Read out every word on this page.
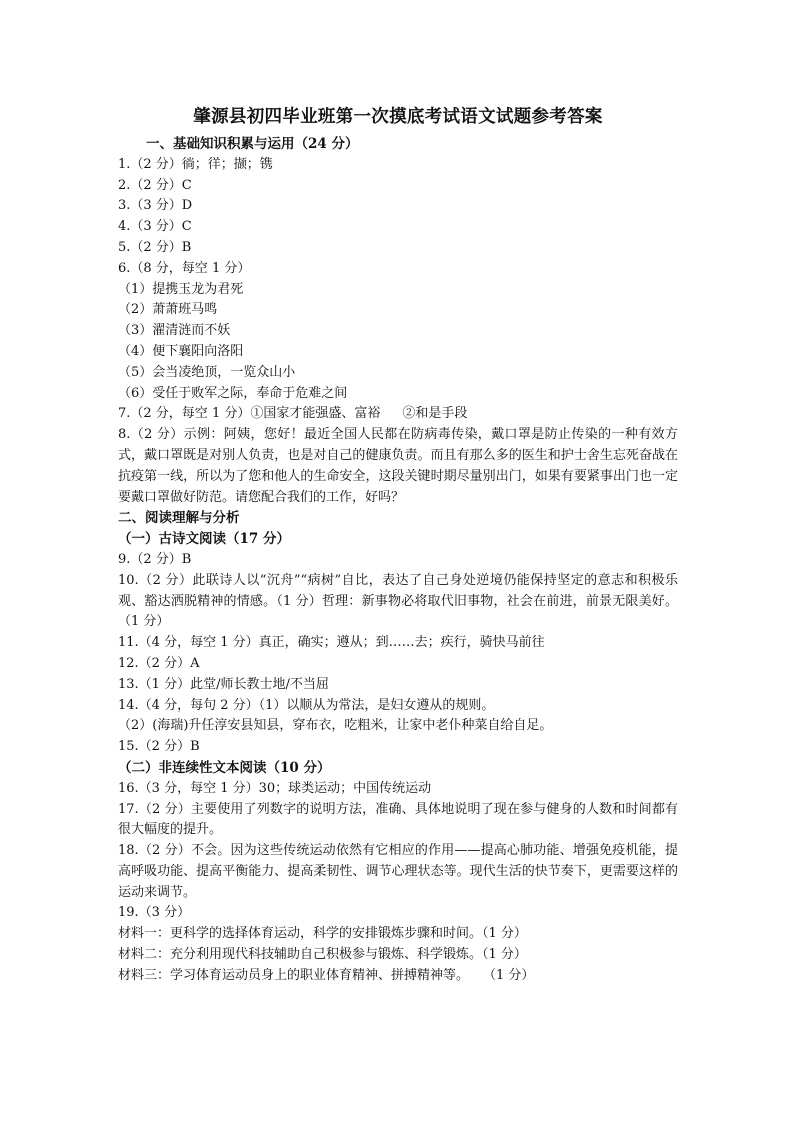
肇源县初四毕业班第一次摸底考试语文试题参考答案
一、基础知识积累与运用（24 分）
1.（2 分）徜；徉；撷；镌
2.（2 分）C
3.（3 分）D
4.（3 分）C
5.（2 分）B
6.（8 分，每空 1 分）
（1）提携玉龙为君死
（2）萧萧班马鸣
（3）濯清涟而不妖
（4）便下襄阳向洛阳
（5）会当凌绝顶，一览众山小
（6）受任于败军之际，奉命于危难之间
7.（2 分，每空 1 分）①国家才能强盛、富裕 ②和是手段
8.（2 分）示例：阿姨，您好！最近全国人民都在防病毒传染，戴口罩是防止传染的一种有效方式，戴口罩既是对别人负责，也是对自己的健康负责。而且有那么多的医生和护士舍生忘死奋战在抗疫第一线，所以为了您和他人的生命安全，这段关键时期尽量别出门，如果有要紧事出门也一定要戴口罩做好防范。请您配合我们的工作，好吗？
二、阅读理解与分析
（一）古诗文阅读（17 分）
9.（2 分）B
10.（2 分）此联诗人以“沉舟”“病树”自比，表达了自己身处逆境仍能保持坚定的意志和积极乐观、豁达洒脱精神的情感。（1 分）哲理：新事物必将取代旧事物，社会在前进，前景无限美好。（1 分）
11.（4 分，每空 1 分）真正，确实；遵从；到……去；疾行，骑快马前往
12.（2 分）A
13.（1 分）此堂/师长教士地/不当屈
14.（4 分，每句 2 分）（1）以顺从为常法，是妇女遵从的规则。
（2）(海瑞)升任淳安县知县，穿布衣，吃粗米，让家中老仆种菜自给自足。
15.（2 分）B
（二）非连续性文本阅读（10 分）
16.（3 分，每空 1 分）30；球类运动；中国传统运动
17.（2 分）主要使用了列数字的说明方法，准确、具体地说明了现在参与健身的人数和时间都有很大幅度的提升。
18.（2 分）不会。因为这些传统运动依然有它相应的作用——提高心肺功能、增强免疫机能，提高呼吸功能、提高平衡能力、提高柔韧性、调节心理状态等。现代生活的快节奏下，更需要这样的运动来调节。
19.（3 分）
材料一：更科学的选择体育运动，科学的安排锻炼步骤和时间。（1 分）
材料二：充分利用现代科技辅助自己积极参与锻炼、科学锻炼。（1 分）
材料三：学习体育运动员身上的职业体育精神、拼搏精神等。 （1 分）
